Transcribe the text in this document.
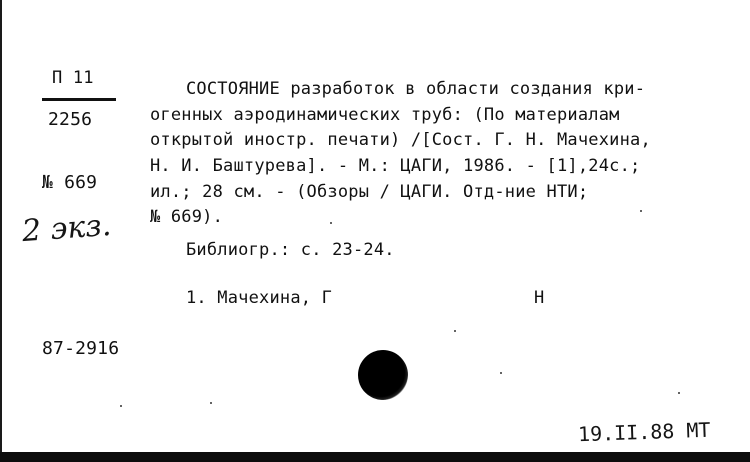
П 11
2256
№ 669
2 экз.
СОСТОЯНИЕ разработок в области создания кри-
огенных аэродинамических труб: (По материалам
открытой иностр. печати) /[Сост. Г. Н. Мачехина,
Н. И. Баштурева]. - М.: ЦАГИ, 1986. - [1],24с.;
ил.; 28 см. - (Обзоры / ЦАГИ. Отд-ние НТИ;
№ 669).
Библиогр.: с. 23-24.
1. Мачехина, Г	Н
87-2916
19.II.88 МТ
